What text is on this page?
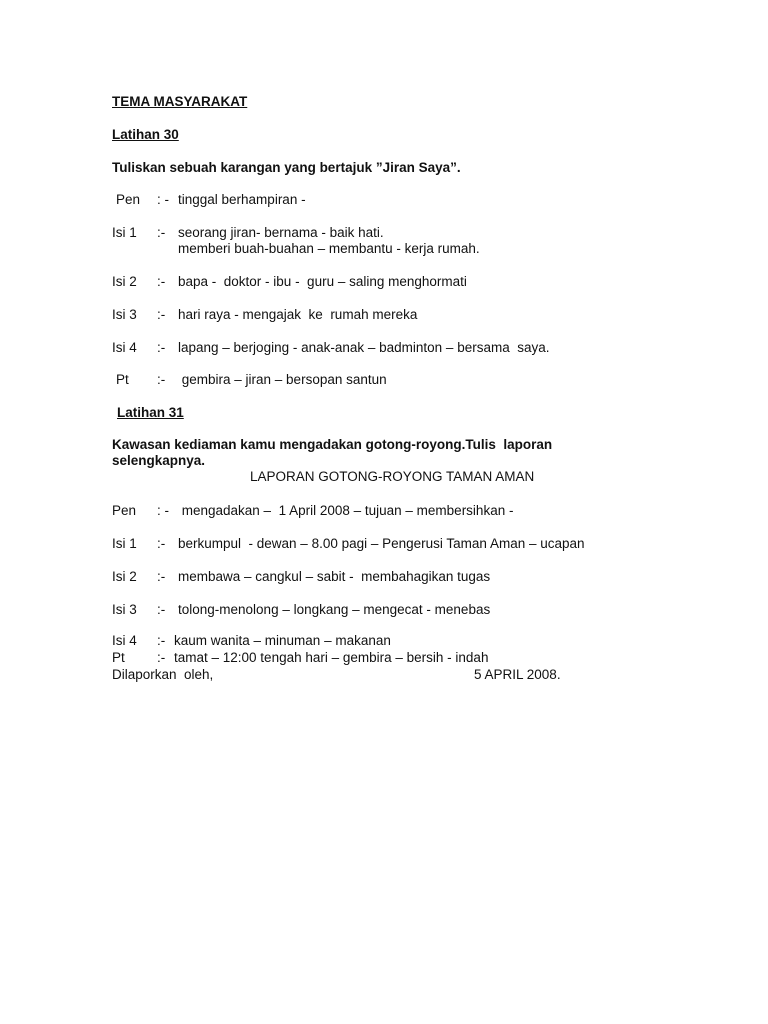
TEMA MASYARAKAT

Latihan 30

Tuliskan sebuah karangan yang bertajuk ”Jiran Saya”.

Pen : - tinggal berhampiran -

Isi 1 :- seorang jiran- bernama - baik hati.

memberi buah-buahan – membantu - kerja rumah.

Isi 2 :- bapa -  doktor - ibu -  guru – saling menghormati

Isi 3 :- hari raya - mengajak  ke  rumah mereka

Isi 4 :- lapang – berjoging - anak-anak – badminton – bersama  saya.

Pt :- gembira – jiran – bersopan santun

Latihan 31

Kawasan kediaman kamu mengadakan gotong-royong.Tulis  laporan

selengkapnya.

LAPORAN GOTONG-ROYONG TAMAN AMAN

Pen : - mengadakan –  1 April 2008 – tujuan – membersihkan -

Isi 1 :- berkumpul  - dewan – 8.00 pagi – Pengerusi Taman Aman – ucapan

Isi 2 :- membawa – cangkul – sabit -  membahagikan tugas

Isi 3 :- tolong-menolong – longkang – mengecat - menebas

Isi 4 :- kaum wanita – minuman – makanan

Pt :- tamat – 12:00 tengah hari – gembira – bersih - indah

Dilaporkan  oleh,	5 APRIL 2008.
